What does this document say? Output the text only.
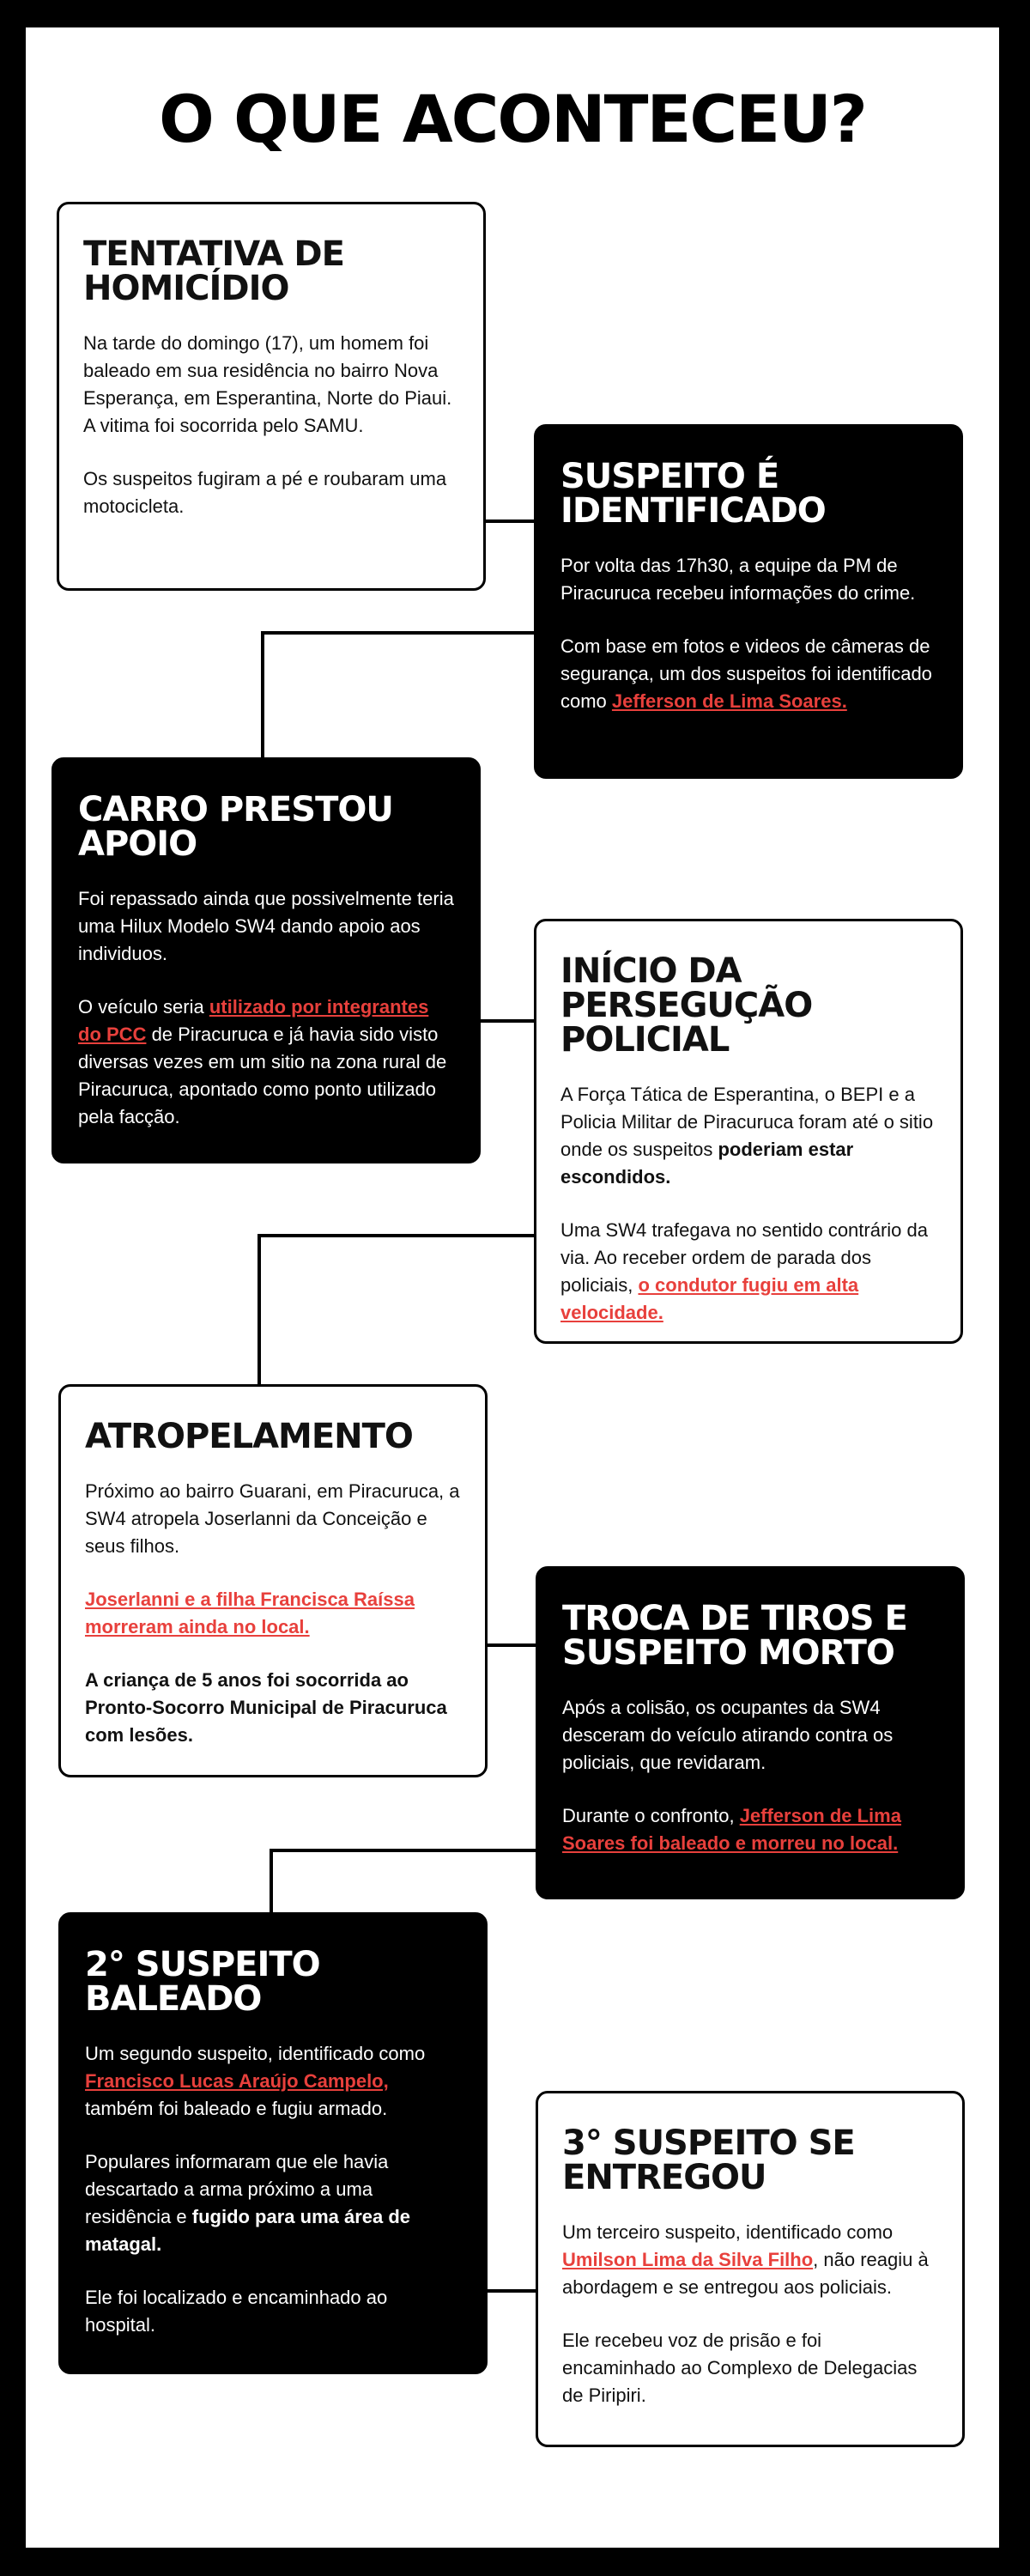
O QUE ACONTECEU?
TENTATIVA DE HOMICÍDIO

Na tarde do domingo (17), um homem foi baleado em sua residência no bairro Nova Esperança, em Esperantina, Norte do Piaui. A vitima foi socorrida pelo SAMU.

Os suspeitos fugiram a pé e roubaram uma motocicleta.

SUSPEITO É IDENTIFICADO

Por volta das 17h30, a equipe da PM de Piracuruca recebeu informações do crime.

Com base em fotos e videos de câmeras de segurança, um dos suspeitos foi identificado como Jefferson de Lima Soares.

CARRO PRESTOU APOIO

Foi repassado ainda que possivelmente teria uma Hilux Modelo SW4 dando apoio aos individuos.

O veículo seria utilizado por integrantes do PCC de Piracuruca e já havia sido visto diversas vezes em um sitio na zona rural de Piracuruca, apontado como ponto utilizado pela facção.

INÍCIO DA PERSEGUÇÃO POLICIAL

A Força Tática de Esperantina, o BEPI e a Policia Militar de Piracuruca foram até o sitio onde os suspeitos poderiam estar escondidos.

Uma SW4 trafegava no sentido contrário da via. Ao receber ordem de parada dos policiais, o condutor fugiu em alta velocidade.

ATROPELAMENTO

Próximo ao bairro Guarani, em Piracuruca, a SW4 atropela Joserlanni da Conceição e seus filhos.

Joserlanni e a filha Francisca Raíssa morreram ainda no local.

A criança de 5 anos foi socorrida ao Pronto-Socorro Municipal de Piracuruca com lesões.

TROCA DE TIROS E SUSPEITO MORTO

Após a colisão, os ocupantes da SW4 desceram do veículo atirando contra os policiais, que revidaram.

Durante o confronto, Jefferson de Lima Soares foi baleado e morreu no local.

2° SUSPEITO BALEADO

Um segundo suspeito, identificado como Francisco Lucas Araújo Campelo, também foi baleado e fugiu armado.

Populares informaram que ele havia descartado a arma próximo a uma residência e fugido para uma área de matagal.

Ele foi localizado e encaminhado ao hospital.

3° SUSPEITO SE ENTREGOU

Um terceiro suspeito, identificado como Umilson Lima da Silva Filho, não reagiu à abordagem e se entregou aos policiais.

Ele recebeu voz de prisão e foi encaminhado ao Complexo de Delegacias de Piripiri.
